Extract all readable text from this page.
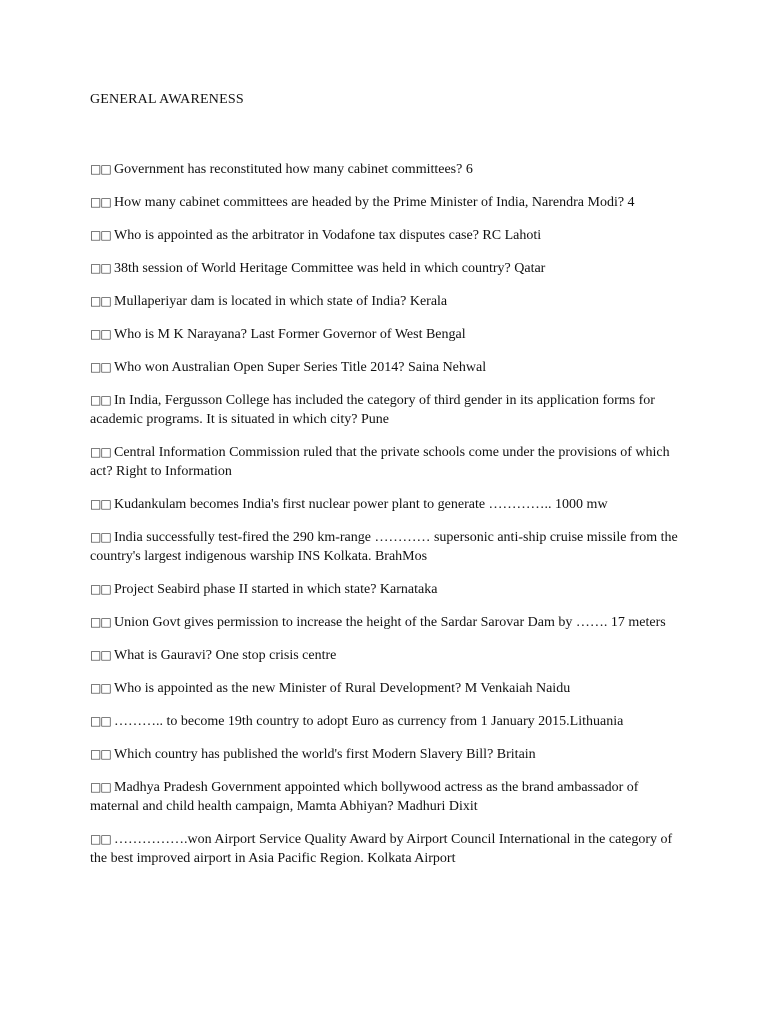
GENERAL AWARENESS
□□ Government has reconstituted how many cabinet committees? 6
□□ How many cabinet committees are headed by the Prime Minister of India, Narendra Modi? 4
□□ Who is appointed as the arbitrator in Vodafone tax disputes case? RC Lahoti
□□ 38th session of World Heritage Committee was held in which country? Qatar
□□ Mullaperiyar dam is located in which state of India? Kerala
□□ Who is M K Narayana? Last Former Governor of West Bengal
□□ Who won Australian Open Super Series Title 2014? Saina Nehwal
□□ In India, Fergusson College has included the category of third gender in its application forms for academic programs. It is situated in which city? Pune
□□ Central Information Commission ruled that the private schools come under the provisions of which act? Right to Information
□□ Kudankulam becomes India's first nuclear power plant to generate ………….. 1000 mw
□□ India successfully test-fired the 290 km-range ………… supersonic anti-ship cruise missile from the country's largest indigenous warship INS Kolkata. BrahMos
□□ Project Seabird phase II started in which state? Karnataka
□□ Union Govt gives permission to increase the height of the Sardar Sarovar Dam by ……. 17 meters
□□ What is Gauravi? One stop crisis centre
□□ Who is appointed as the new Minister of Rural Development? M Venkaiah Naidu
□□ ……….. to become 19th country to adopt Euro as currency from 1 January 2015.Lithuania
□□ Which country has published the world's first Modern Slavery Bill? Britain
□□ Madhya Pradesh Government appointed which bollywood actress as the brand ambassador of maternal and child health campaign, Mamta Abhiyan? Madhuri Dixit
□□ …………….won Airport Service Quality Award by Airport Council International in the category of the best improved airport in Asia Pacific Region. Kolkata Airport
